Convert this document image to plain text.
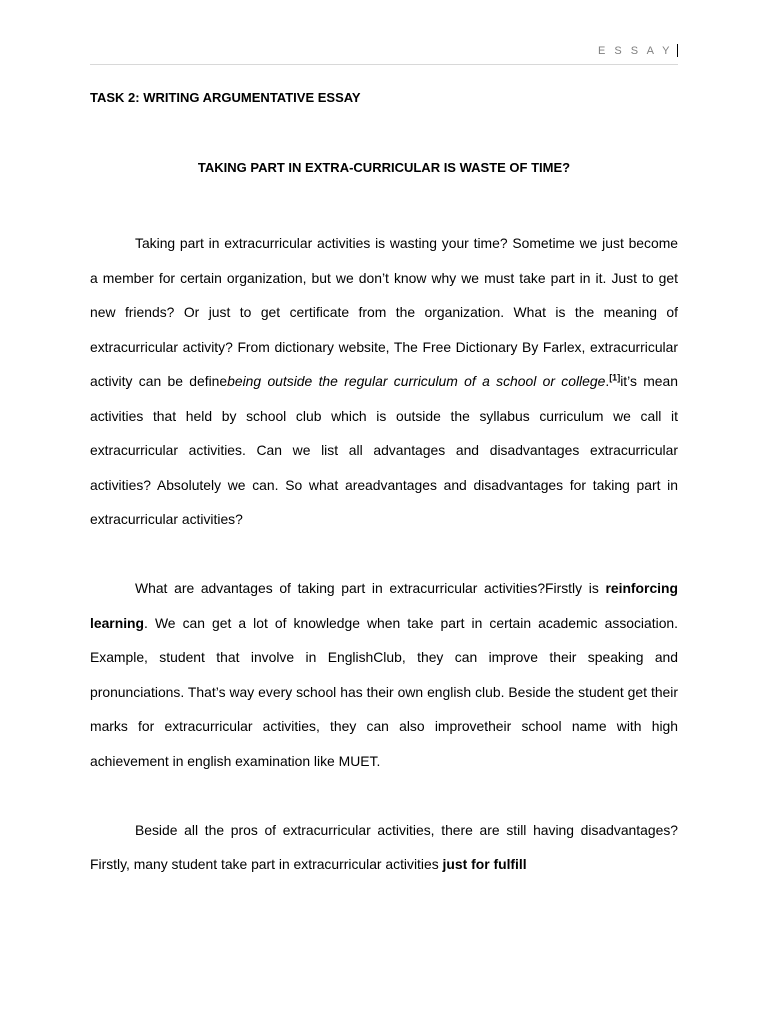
E S S A Y
TASK 2: WRITING ARGUMENTATIVE ESSAY
TAKING PART IN EXTRA-CURRICULAR IS WASTE OF TIME?

Taking part in extracurricular activities is wasting your time? Sometime we just become a member for certain organization, but we don’t know why we must take part in it. Just to get new friends? Or just to get certificate from the organization. What is the meaning of extracurricular activity? From dictionary website, The Free Dictionary By Farlex, extracurricular activity can be definebeing outside the regular curriculum of a school or college.[1]it’s mean activities that held by school club which is outside the syllabus curriculum we call it extracurricular activities. Can we list all advantages and disadvantages extracurricular activities? Absolutely we can. So what areadvantages and disadvantages for taking part in extracurricular activities?

What are advantages of taking part in extracurricular activities?Firstly is reinforcing learning. We can get a lot of knowledge when take part in certain academic association. Example, student that involve in EnglishClub, they can improve their speaking and pronunciations. That’s way every school has their own english club. Beside the student get their marks for extracurricular activities, they can also improvetheir school name with high achievement in english examination like MUET.

Beside all the pros of extracurricular activities, there are still having disadvantages? Firstly, many student take part in extracurricular activities just for fulfill
